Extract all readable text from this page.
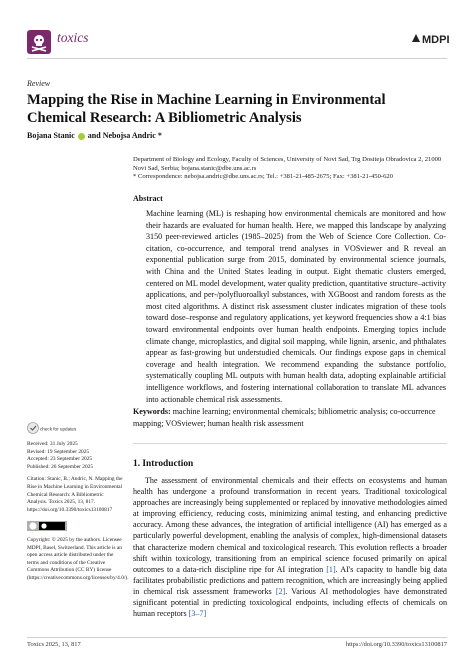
toxics	MDPI
Review
Mapping the Rise in Machine Learning in Environmental Chemical Research: A Bibliometric Analysis
Bojana Stanic and Nebojsa Andric *
Department of Biology and Ecology, Faculty of Sciences, University of Novi Sad, Trg Dositeja Obradovica 2, 21000 Novi Sad, Serbia; bojana.stanic@dbe.uns.ac.rs
* Correspondence: nebojsa.andric@dbe.uns.ac.rs; Tel.: +381-21-485-2675; Fax: +381-21-450-620
Abstract
Machine learning (ML) is reshaping how environmental chemicals are monitored and how their hazards are evaluated for human health. Here, we mapped this landscape by analyzing 3150 peer-reviewed articles (1985–2025) from the Web of Science Core Collection. Co-citation, co-occurrence, and temporal trend analyses in VOSviewer and R reveal an exponential publication surge from 2015, dominated by environmental science journals, with China and the United States leading in output. Eight thematic clusters emerged, centered on ML model development, water quality prediction, quantitative structure–activity applications, and per-/polyfluoroalkyl substances, with XGBoost and random forests as the most cited algorithms. A distinct risk assessment cluster indicates migration of these tools toward dose–response and regulatory applications, yet keyword frequencies show a 4:1 bias toward environmental endpoints over human health endpoints. Emerging topics include climate change, microplastics, and digital soil mapping, while lignin, arsenic, and phthalates appear as fast-growing but understudied chemicals. Our findings expose gaps in chemical coverage and health integration. We recommend expanding the substance portfolio, systematically coupling ML outputs with human health data, adopting explainable artificial intelligence workflows, and fostering international collaboration to translate ML advances into actionable chemical risk assessments.
Keywords: machine learning; environmental chemicals; bibliometric analysis; co-occurrence mapping; VOSviewer; human health risk assessment
1. Introduction
The assessment of environmental chemicals and their effects on ecosystems and human health has undergone a profound transformation in recent years. Traditional toxicological approaches are increasingly being supplemented or replaced by innovative methodologies aimed at improving efficiency, reducing costs, minimizing animal testing, and enhancing predictive accuracy. Among these advances, the integration of artificial intelligence (AI) has emerged as a particularly powerful development, enabling the analysis of complex, high-dimensional datasets that characterize modern chemical and toxicological research. This evolution reflects a broader shift within toxicology, transitioning from an empirical science focused primarily on apical outcomes to a data-rich discipline ripe for AI integration [1]. AI's capacity to handle big data facilitates probabilistic predictions and pattern recognition, which are increasingly being applied in chemical risk assessment frameworks [2]. Various AI methodologies have demonstrated significant potential in predicting toxicological endpoints, including effects of chemicals on human receptors [3–7]
check for updates
Received: 31 July 2025
Revised: 19 September 2025
Accepted: 23 September 2025
Published: 26 September 2025
Citation: Stanic, B.; Andric, N. Mapping the Rise in Machine Learning in Environmental Chemical Research: A Bibliometric Analysis. Toxics 2025, 13, 817. https://doi.org/10.3390/toxics13100817
Copyright: © 2025 by the authors. Licensee MDPI, Basel, Switzerland. This article is an open access article distributed under the terms and conditions of the Creative Commons Attribution (CC BY) license (https://creativecommons.org/licenses/by/4.0/).
Toxics 2025, 13, 817	https://doi.org/10.3390/toxics13100817
